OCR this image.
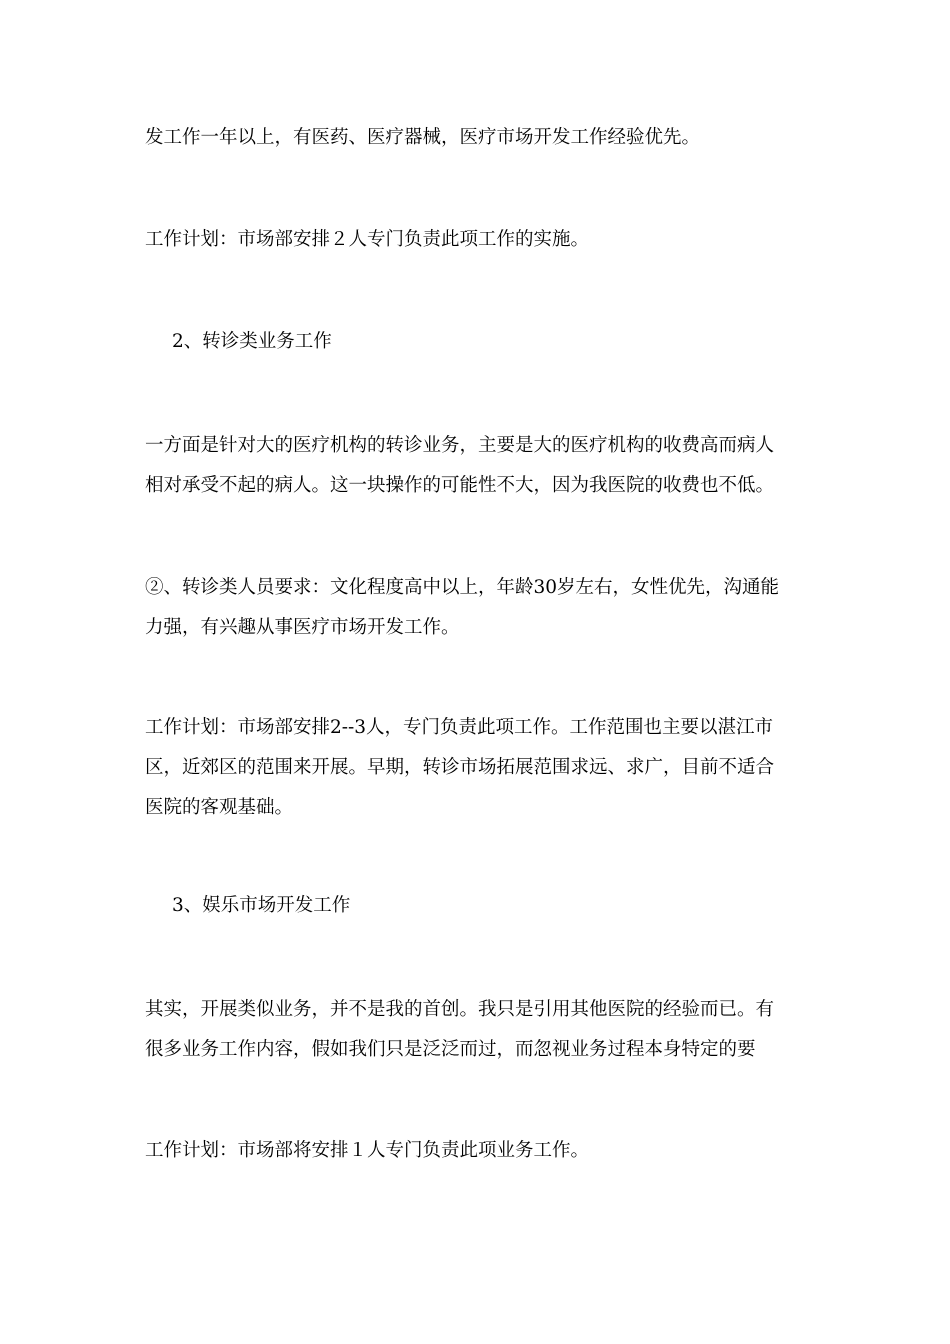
发工作一年以上，有医药、医疗器械，医疗市场开发工作经验优先。

工作计划：市场部安排２人专门负责此项工作的实施。

2、转诊类业务工作

一方面是针对大的医疗机构的转诊业务，主要是大的医疗机构的收费高而病人
相对承受不起的病人。这一块操作的可能性不大，因为我医院的收费也不低。

②、转诊类人员要求：文化程度高中以上，年龄30岁左右，女性优先，沟通能
力强，有兴趣从事医疗市场开发工作。

工作计划：市场部安排2--3人，专门负责此项工作。工作范围也主要以湛江市
区，近郊区的范围来开展。早期，转诊市场拓展范围求远、求广，目前不适合
医院的客观基础。

3、娱乐市场开发工作

其实，开展类似业务，并不是我的首创。我只是引用其他医院的经验而已。有
很多业务工作内容，假如我们只是泛泛而过，而忽视业务过程本身特定的要

工作计划：市场部将安排１人专门负责此项业务工作。
